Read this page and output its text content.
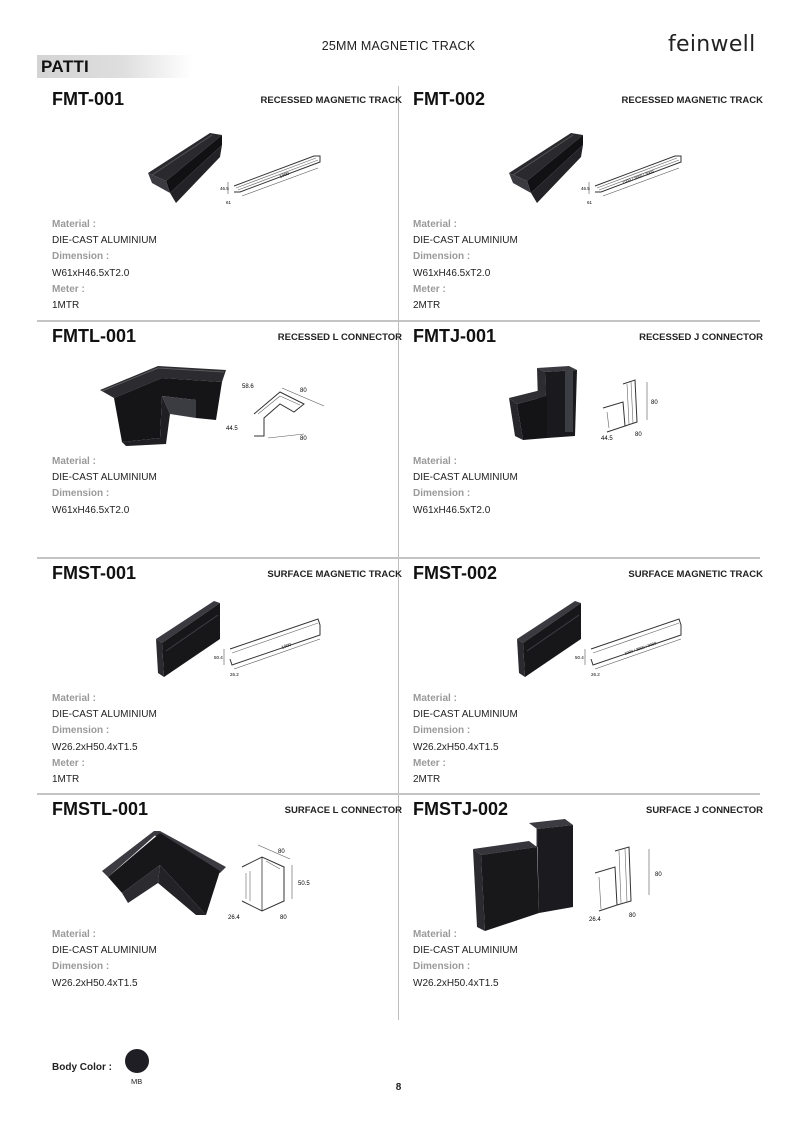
25MM MAGNETIC TRACK	feinwell
PATTI
FMT-001	RECESSED MAGNETIC TRACK
46.5
61
1000
Material :
DIE-CAST ALUMINIUM
Dimension :
W61xH46.5xT2.0
Meter :
1MTR
FMT-002	RECESSED MAGNETIC TRACK
46.5
61
1000 / 2000 / 3000
Material :
DIE-CAST ALUMINIUM
Dimension :
W61xH46.5xT2.0
Meter :
2MTR
FMTL-001	RECESSED L CONNECTOR
58.6
80
44.5
80
Material :
DIE-CAST ALUMINIUM
Dimension :
W61xH46.5xT2.0
FMTJ-001	RECESSED J CONNECTOR
80
44.5
80
Material :
DIE-CAST ALUMINIUM
Dimension :
W61xH46.5xT2.0
FMST-001	SURFACE MAGNETIC TRACK
50.4
26.2
1000
Material :
DIE-CAST ALUMINIUM
Dimension :
W26.2xH50.4xT1.5
Meter :
1MTR
FMST-002	SURFACE MAGNETIC TRACK
50.4
26.2
1000 / 2000 / 3000
Material :
DIE-CAST ALUMINIUM
Dimension :
W26.2xH50.4xT1.5
Meter :
2MTR
FMSTL-001	SURFACE L CONNECTOR
80
50.5
26.4	80
Material :
DIE-CAST ALUMINIUM
Dimension :
W26.2xH50.4xT1.5
FMSTJ-002	SURFACE J CONNECTOR
80
26.4
80
Material :
DIE-CAST ALUMINIUM
Dimension :
W26.2xH50.4xT1.5
Body Color :
MB
8
